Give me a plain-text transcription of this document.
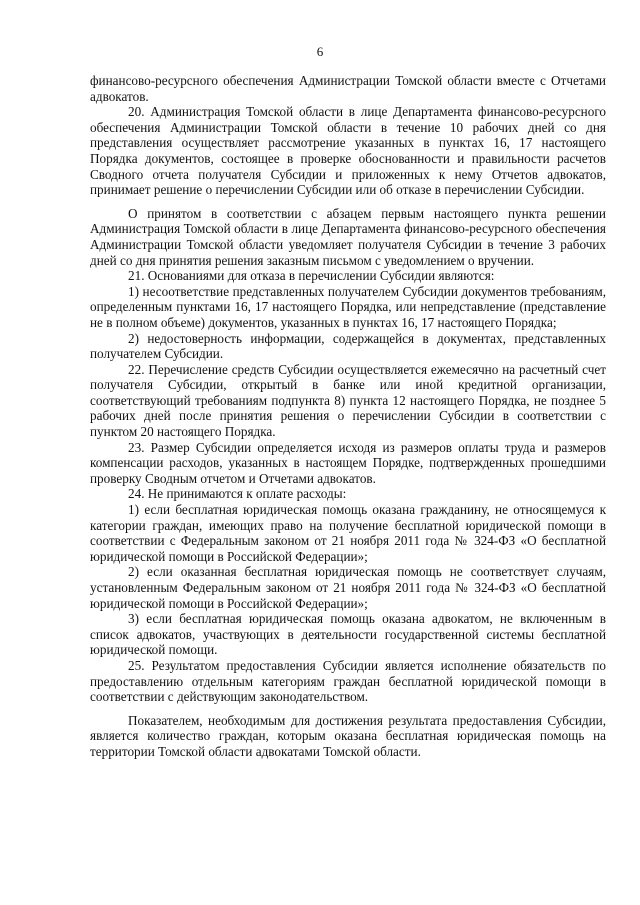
6

финансово-ресурсного обеспечения Администрации Томской области вместе с Отчетами адвокатов.

20. Администрация Томской области в лице Департамента финансово-ресурсного обеспечения Администрации Томской области в течение 10 рабочих дней со дня представления осуществляет рассмотрение указанных в пунктах 16, 17 настоящего Порядка документов, состоящее в проверке обоснованности и правильности расчетов Сводного отчета получателя Субсидии и приложенных к нему Отчетов адвокатов, принимает решение о перечислении Субсидии или об отказе в перечислении Субсидии.

О принятом в соответствии с абзацем первым настоящего пункта решении Администрация Томской области в лице Департамента финансово-ресурсного обеспечения Администрации Томской области уведомляет получателя Субсидии в течение 3 рабочих дней со дня принятия решения заказным письмом с уведомлением о вручении.

21. Основаниями для отказа в перечислении Субсидии являются:

1) несоответствие представленных получателем Субсидии документов требованиям, определенным пунктами 16, 17 настоящего Порядка, или непредставление (представление не в полном объеме) документов, указанных в пунктах 16, 17 настоящего Порядка;

2) недостоверность информации, содержащейся в документах, представленных получателем Субсидии.

22. Перечисление средств Субсидии осуществляется ежемесячно на расчетный счет получателя Субсидии, открытый в банке или иной кредитной организации, соответствующий требованиям подпункта 8) пункта 12 настоящего Порядка, не позднее 5 рабочих дней после принятия решения о перечислении Субсидии в соответствии с пунктом 20 настоящего Порядка.

23. Размер Субсидии определяется исходя из размеров оплаты труда и размеров компенсации расходов, указанных в настоящем Порядке, подтвержденных прошедшими проверку Сводным отчетом и Отчетами адвокатов.

24. Не принимаются к оплате расходы:

1) если бесплатная юридическая помощь оказана гражданину, не относящемуся к категории граждан, имеющих право на получение бесплатной юридической помощи в соответствии с Федеральным законом от 21 ноября 2011 года № 324-ФЗ «О бесплатной юридической помощи в Российской Федерации»;

2) если оказанная бесплатная юридическая помощь не соответствует случаям, установленным Федеральным законом от 21 ноября 2011 года № 324-ФЗ «О бесплатной юридической помощи в Российской Федерации»;

3) если бесплатная юридическая помощь оказана адвокатом, не включенным в список адвокатов, участвующих в деятельности государственной системы бесплатной юридической помощи.

25. Результатом предоставления Субсидии является исполнение обязательств по предоставлению отдельным категориям граждан бесплатной юридической помощи в соответствии с действующим законодательством.

Показателем, необходимым для достижения результата предоставления Субсидии, является количество граждан, которым оказана бесплатная юридическая помощь на территории Томской области адвокатами Томской области.
